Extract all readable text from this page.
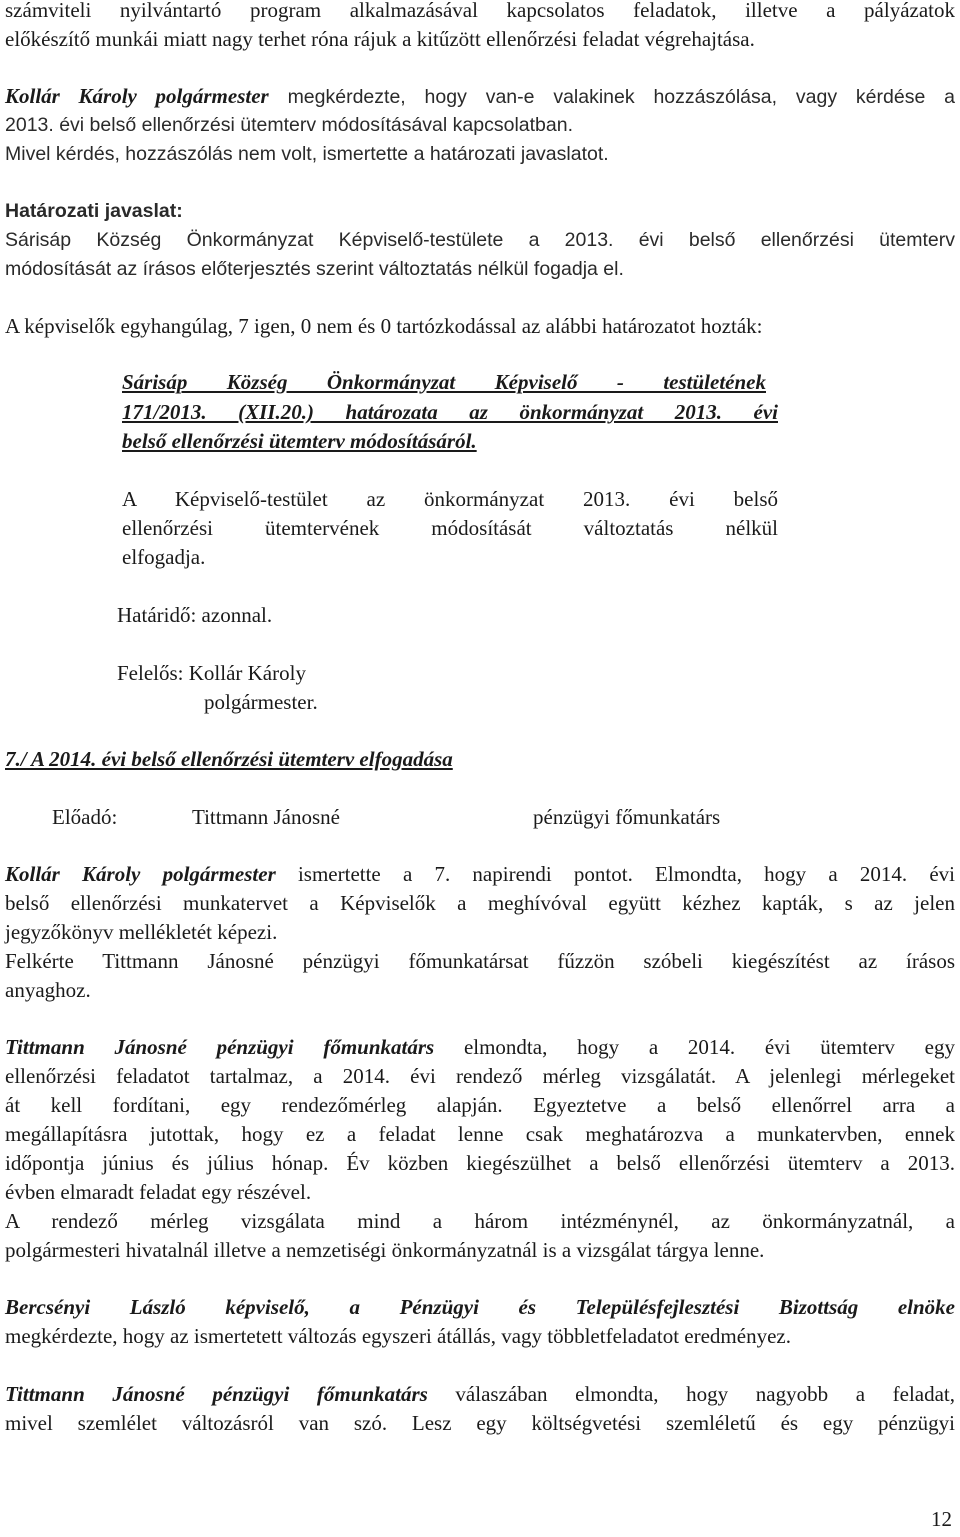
számviteli nyilvántartó program alkalmazásával kapcsolatos feladatok, illetve a pályázatok
előkészítő munkái miatt nagy terhet róna rájuk a kitűzött ellenőrzési feladat végrehajtása.
Kollár Károly polgármester megkérdezte, hogy van-e valakinek hozzászólása, vagy kérdése a
2013. évi belső ellenőrzési ütemterv módosításával kapcsolatban.
Mivel kérdés, hozzászólás nem volt, ismertette a határozati javaslatot.
Határozati javaslat:
Sárisáp Község Önkormányzat Képviselő-testülete a 2013. évi belső ellenőrzési ütemterv
módosítását az írásos előterjesztés szerint változtatás nélkül fogadja el.
A képviselők egyhangúlag, 7 igen, 0 nem és 0 tartózkodással az alábbi határozatot hozták:
Sárisáp Község Önkormányzat Képviselő - testületének
171/2013. (XII.20.) határozata az önkormányzat 2013. évi
belső ellenőrzési ütemterv módosításáról.
A Képviselő-testület az önkormányzat 2013. évi belső
ellenőrzési ütemtervének módosítását változtatás nélkül
elfogadja.
Határidő: azonnal.
Felelős: Kollár Károly
polgármester.
7./ A 2014. évi belső ellenőrzési ütemterv elfogadása
Előadó:	Tittmann Jánosné	pénzügyi főmunkatárs
Kollár Károly polgármester ismertette a 7. napirendi pontot. Elmondta, hogy a 2014. évi
belső ellenőrzési munkatervet a Képviselők a meghívóval együtt kézhez kapták, s az jelen
jegyzőkönyv mellékletét képezi.
Felkérte Tittmann Jánosné pénzügyi főmunkatársat fűzzön szóbeli kiegészítést az írásos
anyaghoz.
Tittmann Jánosné pénzügyi főmunkatárs elmondta, hogy a 2014. évi ütemterv egy
ellenőrzési feladatot tartalmaz, a 2014. évi rendező mérleg vizsgálatát. A jelenlegi mérlegeket
át kell fordítani, egy rendezőmérleg alapján. Egyeztetve a belső ellenőrrel arra a
megállapításra jutottak, hogy ez a feladat lenne csak meghatározva a munkatervben, ennek
időpontja június és július hónap. Év közben kiegészülhet a belső ellenőrzési ütemterv a 2013.
évben elmaradt feladat egy részével.
A rendező mérleg vizsgálata mind a három intézménynél, az önkormányzatnál, a
polgármesteri hivatalnál illetve a nemzetiségi önkormányzatnál is a vizsgálat tárgya lenne.
Bercsényi László képviselő, a Pénzügyi és Településfejlesztési Bizottság elnöke
megkérdezte, hogy az ismertetett változás egyszeri átállás, vagy többletfeladatot eredményez.
Tittmann Jánosné pénzügyi főmunkatárs válaszában elmondta, hogy nagyobb a feladat,
mivel szemlélet változásról van szó. Lesz egy költségvetési szemléletű és egy pénzügyi
12
